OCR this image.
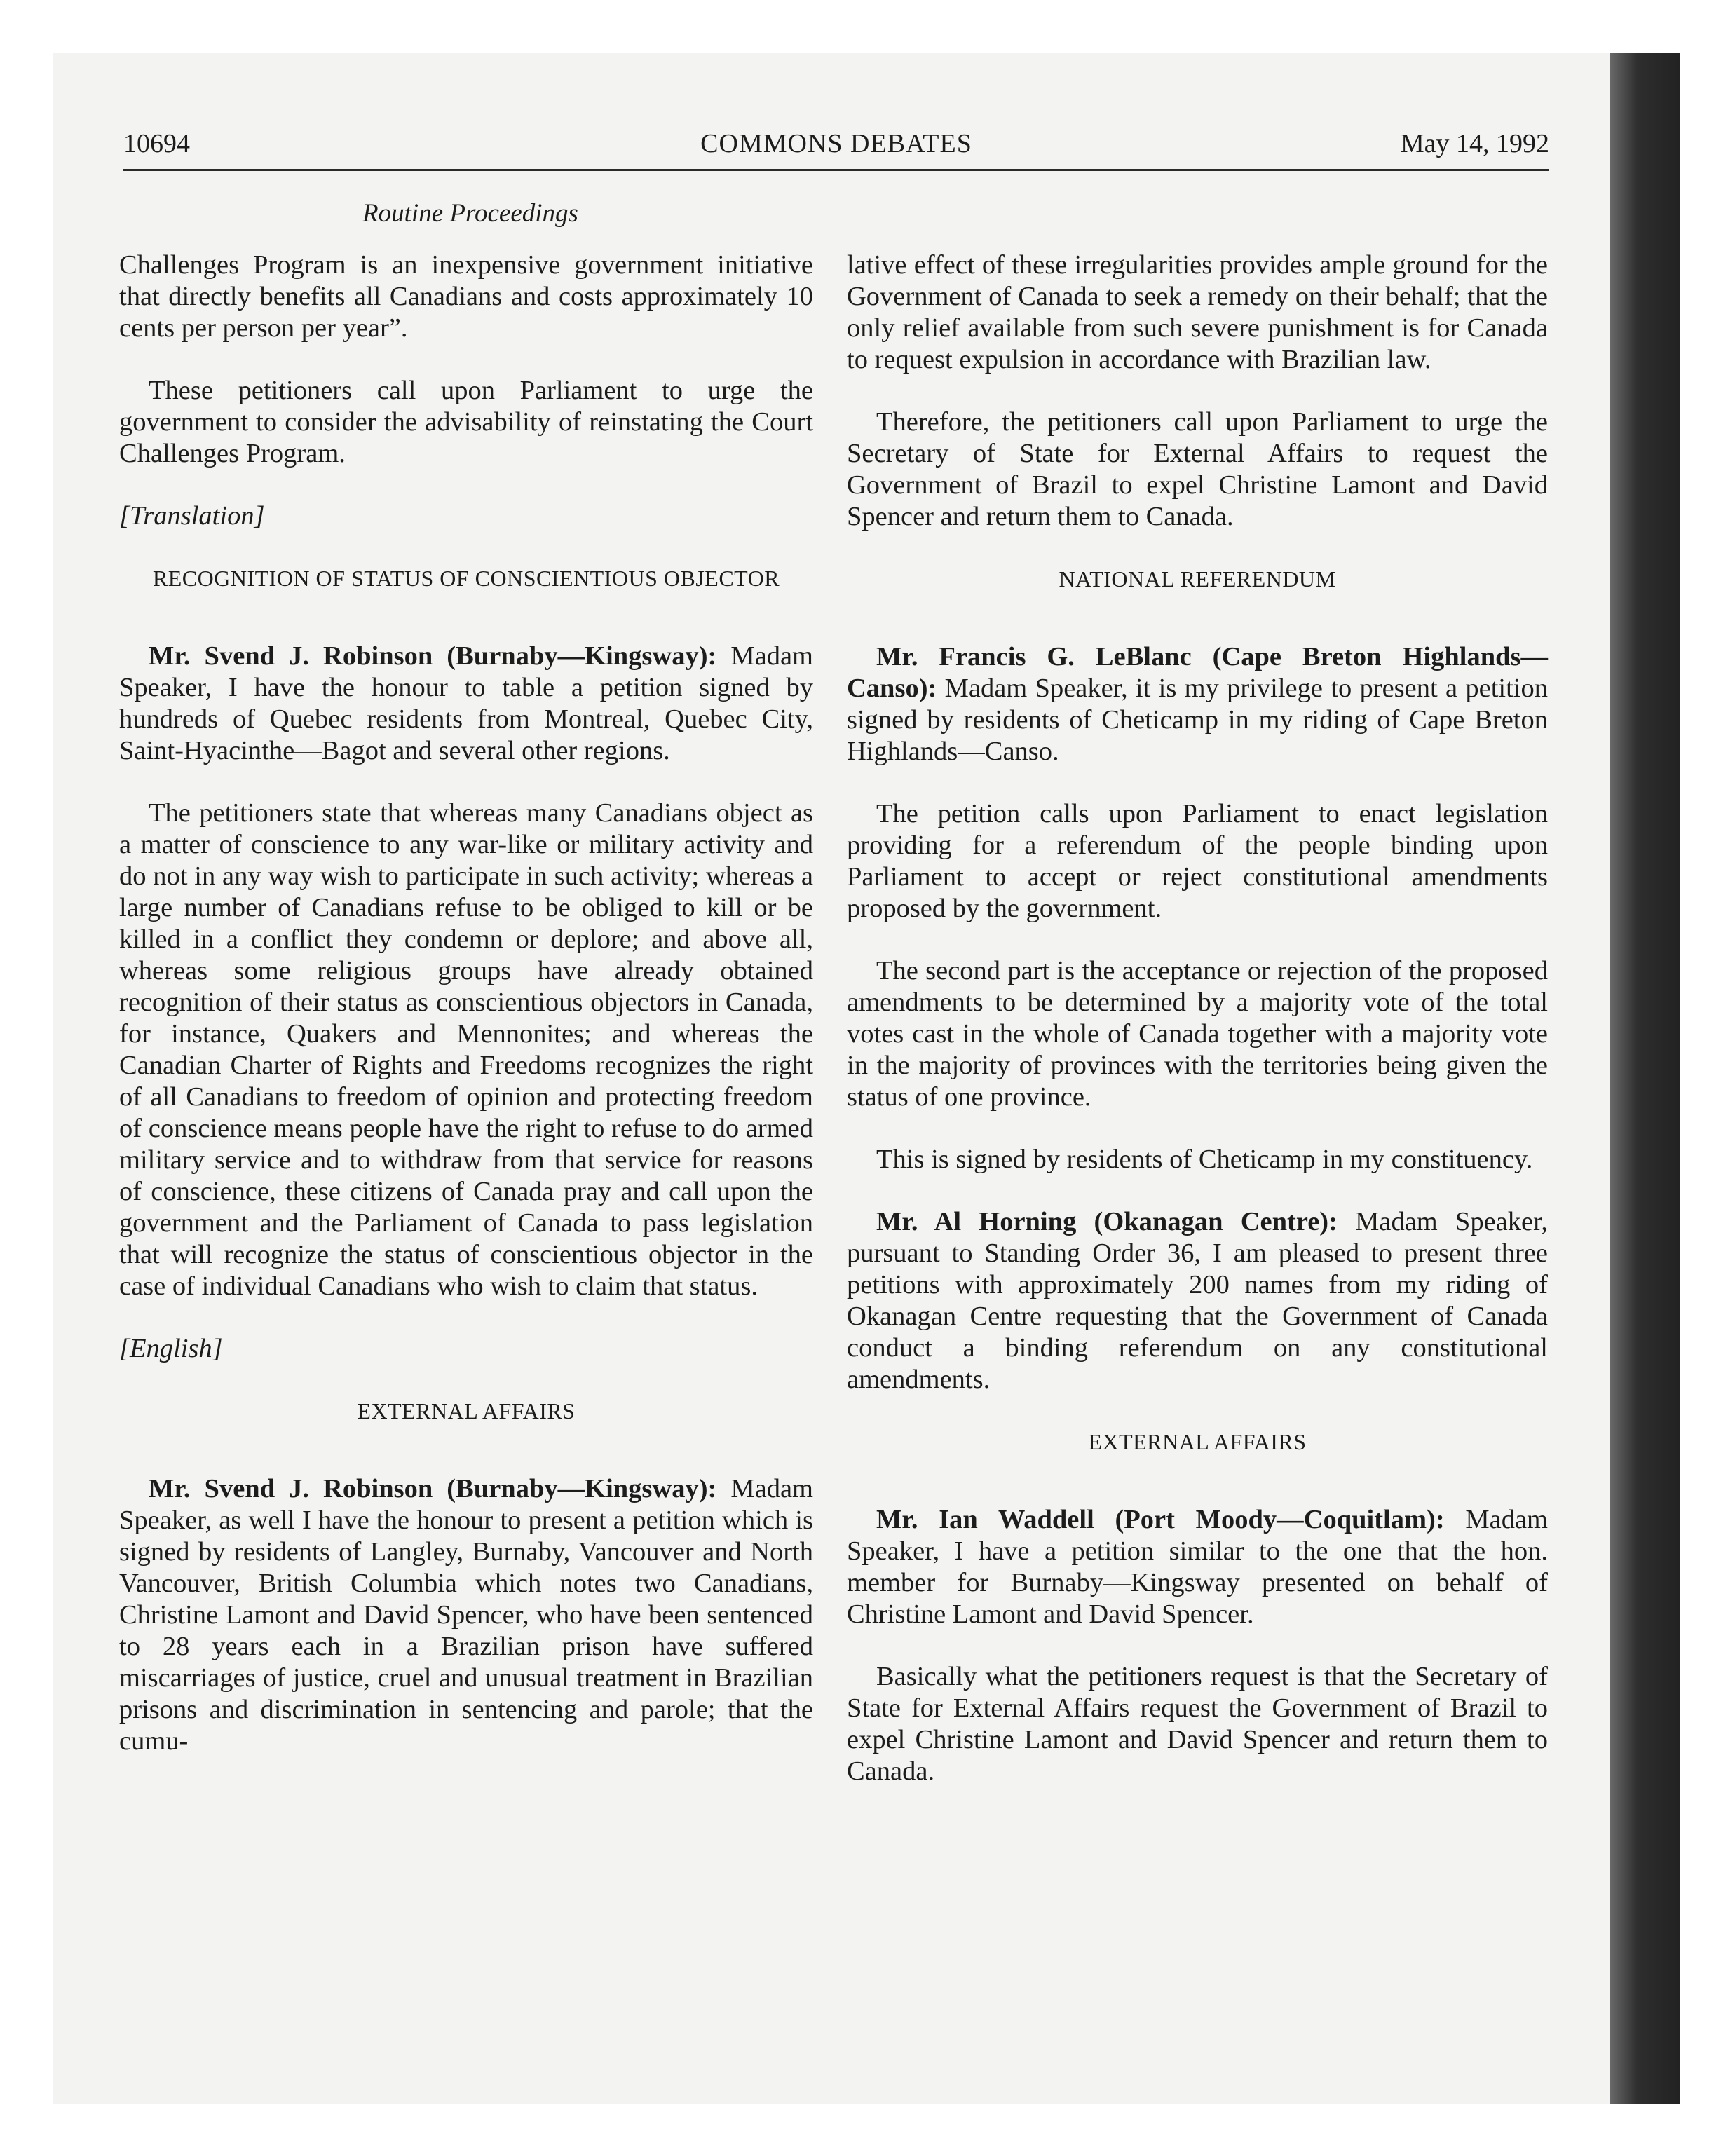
10694	COMMONS DEBATES	May 14, 1992
Routine Proceedings

Challenges Program is an inexpensive government initiative that directly benefits all Canadians and costs approximately 10 cents per person per year”.

These petitioners call upon Parliament to urge the government to consider the advisability of reinstating the Court Challenges Program.

[Translation]
RECOGNITION OF STATUS OF CONSCIENTIOUS OBJECTOR

Mr. Svend J. Robinson (Burnaby—Kingsway): Madam Speaker, I have the honour to table a petition signed by hundreds of Quebec residents from Montreal, Quebec City, Saint-Hyacinthe—Bagot and several other regions.

The petitioners state that whereas many Canadians object as a matter of conscience to any war-like or military activity and do not in any way wish to participate in such activity; whereas a large number of Canadians refuse to be obliged to kill or be killed in a conflict they condemn or deplore; and above all, whereas some religious groups have already obtained recognition of their status as conscientious objectors in Canada, for instance, Quakers and Mennonites; and whereas the Canadian Charter of Rights and Freedoms recognizes the right of all Canadians to freedom of opinion and protecting freedom of conscience means people have the right to refuse to do armed military service and to withdraw from that service for reasons of conscience, these citizens of Canada pray and call upon the government and the Parliament of Canada to pass legislation that will recognize the status of conscientious objector in the case of individual Canadians who wish to claim that status.

[English]
EXTERNAL AFFAIRS

Mr. Svend J. Robinson (Burnaby—Kingsway): Madam Speaker, as well I have the honour to present a petition which is signed by residents of Langley, Burnaby, Vancouver and North Vancouver, British Columbia which notes two Canadians, Christine Lamont and David Spencer, who have been sentenced to 28 years each in a Brazilian prison have suffered miscarriages of justice, cruel and unusual treatment in Brazilian prisons and discrimination in sentencing and parole; that the cumu-

lative effect of these irregularities provides ample ground for the Government of Canada to seek a remedy on their behalf; that the only relief available from such severe punishment is for Canada to request expulsion in accordance with Brazilian law.

Therefore, the petitioners call upon Parliament to urge the Secretary of State for External Affairs to request the Government of Brazil to expel Christine Lamont and David Spencer and return them to Canada.

NATIONAL REFERENDUM

Mr. Francis G. LeBlanc (Cape Breton Highlands—Canso): Madam Speaker, it is my privilege to present a petition signed by residents of Cheticamp in my riding of Cape Breton Highlands—Canso.

The petition calls upon Parliament to enact legislation providing for a referendum of the people binding upon Parliament to accept or reject constitutional amendments proposed by the government.

The second part is the acceptance or rejection of the proposed amendments to be determined by a majority vote of the total votes cast in the whole of Canada together with a majority vote in the majority of provinces with the territories being given the status of one province.

This is signed by residents of Cheticamp in my constituency.

Mr. Al Horning (Okanagan Centre): Madam Speaker, pursuant to Standing Order 36, I am pleased to present three petitions with approximately 200 names from my riding of Okanagan Centre requesting that the Government of Canada conduct a binding referendum on any constitutional amendments.

EXTERNAL AFFAIRS

Mr. Ian Waddell (Port Moody—Coquitlam): Madam Speaker, I have a petition similar to the one that the hon. member for Burnaby—Kingsway presented on behalf of Christine Lamont and David Spencer.

Basically what the petitioners request is that the Secretary of State for External Affairs request the Government of Brazil to expel Christine Lamont and David Spencer and return them to Canada.
